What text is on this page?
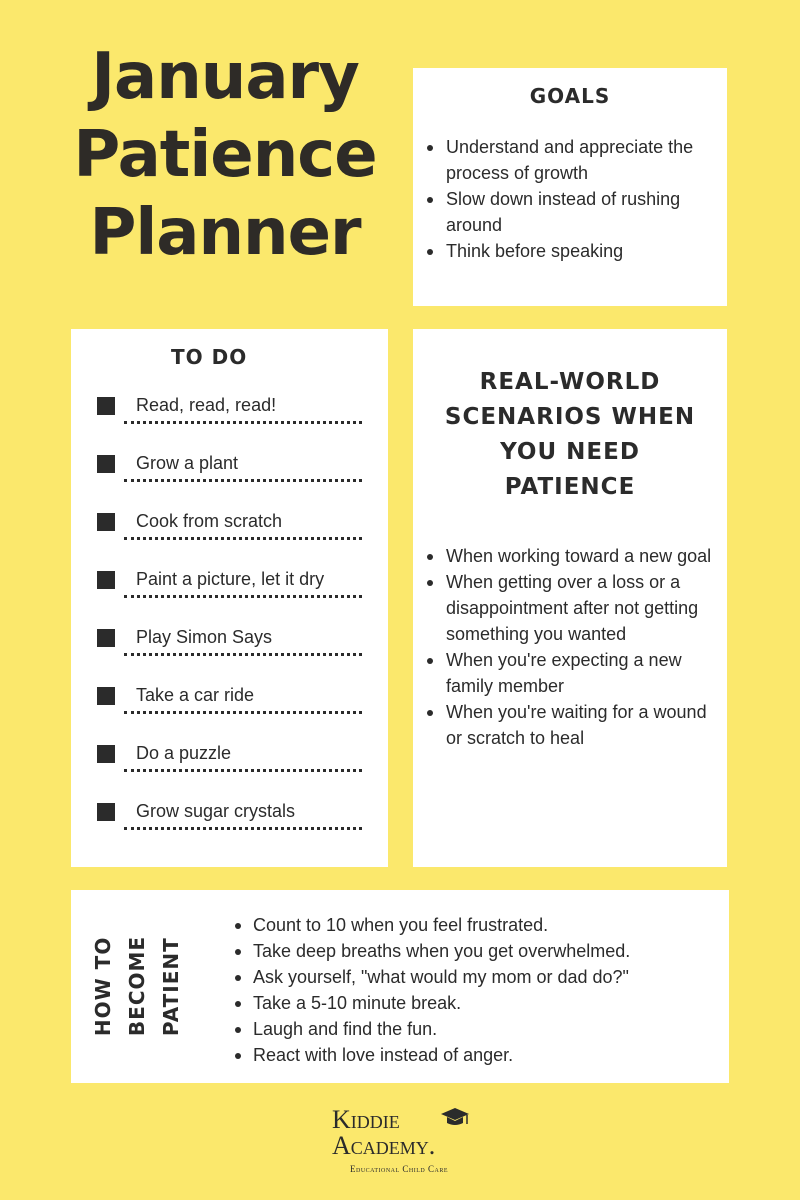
January
Patience
Planner
GOALS
Understand and appreciate the process of growth
Slow down instead of rushing around
Think before speaking
TO DO
Read, read, read!
Grow a plant
Cook from scratch
Paint a picture, let it dry
Play Simon Says
Take a car ride
Do a puzzle
Grow sugar crystals
REAL-WORLD SCENARIOS WHEN YOU NEED PATIENCE
When working toward a new goal
When getting over a loss or a disappointment after not getting something you wanted
When you're expecting a new family member
When you're waiting for a wound or scratch to heal
HOW TO BECOME PATIENT
Count to 10 when you feel frustrated.
Take deep breaths when you get overwhelmed.
Ask yourself, "what would my mom or dad do?"
Take a 5-10 minute break.
Laugh and find the fun.
React with love instead of anger.
Kiddie
Academy.
Educational Child Care
